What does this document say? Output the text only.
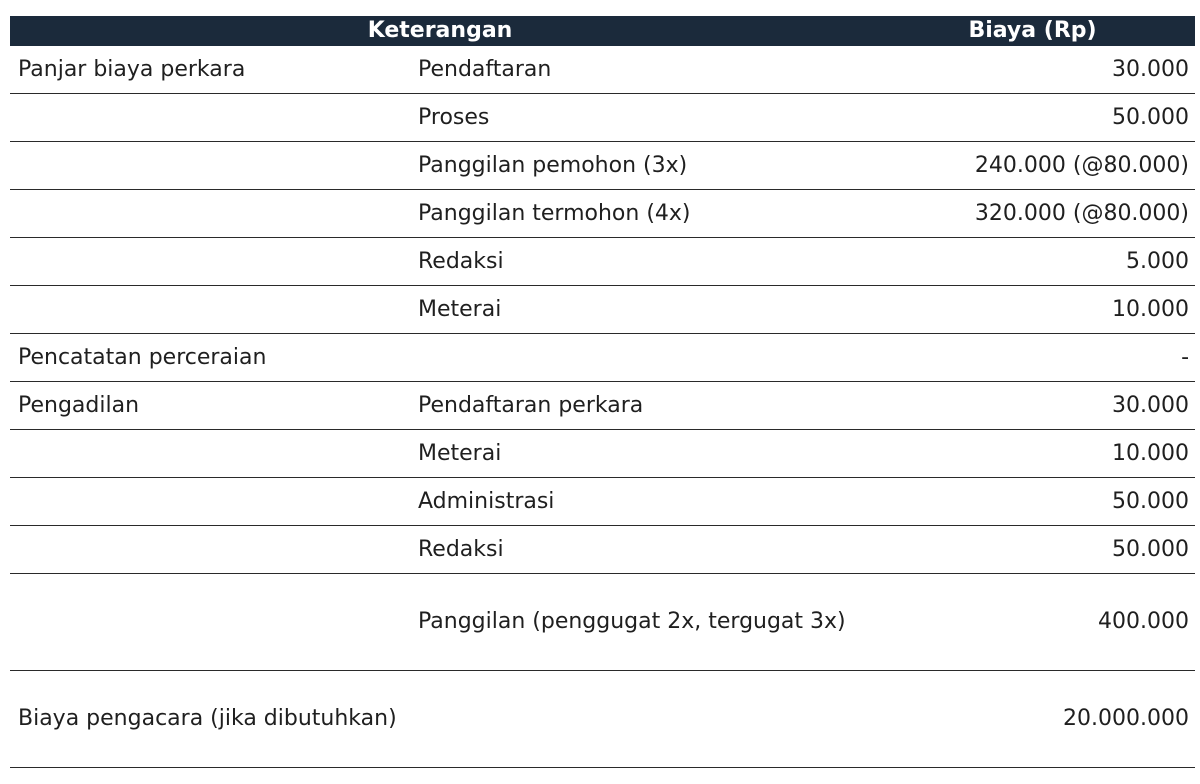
Keterangan		Biaya (Rp)
Panjar biaya perkara	Pendaftaran	30.000
	Proses	50.000
	Panggilan pemohon (3x)	240.000 (@80.000)
	Panggilan termohon (4x)	320.000 (@80.000)
	Redaksi	5.000
	Meterai	10.000
Pencatatan perceraian		-
Pengadilan	Pendaftaran perkara	30.000
	Meterai	10.000
	Administrasi	50.000
	Redaksi	50.000
	Panggilan (penggugat 2x, tergugat 3x)	400.000
Biaya pengacara (jika dibutuhkan)		20.000.000
